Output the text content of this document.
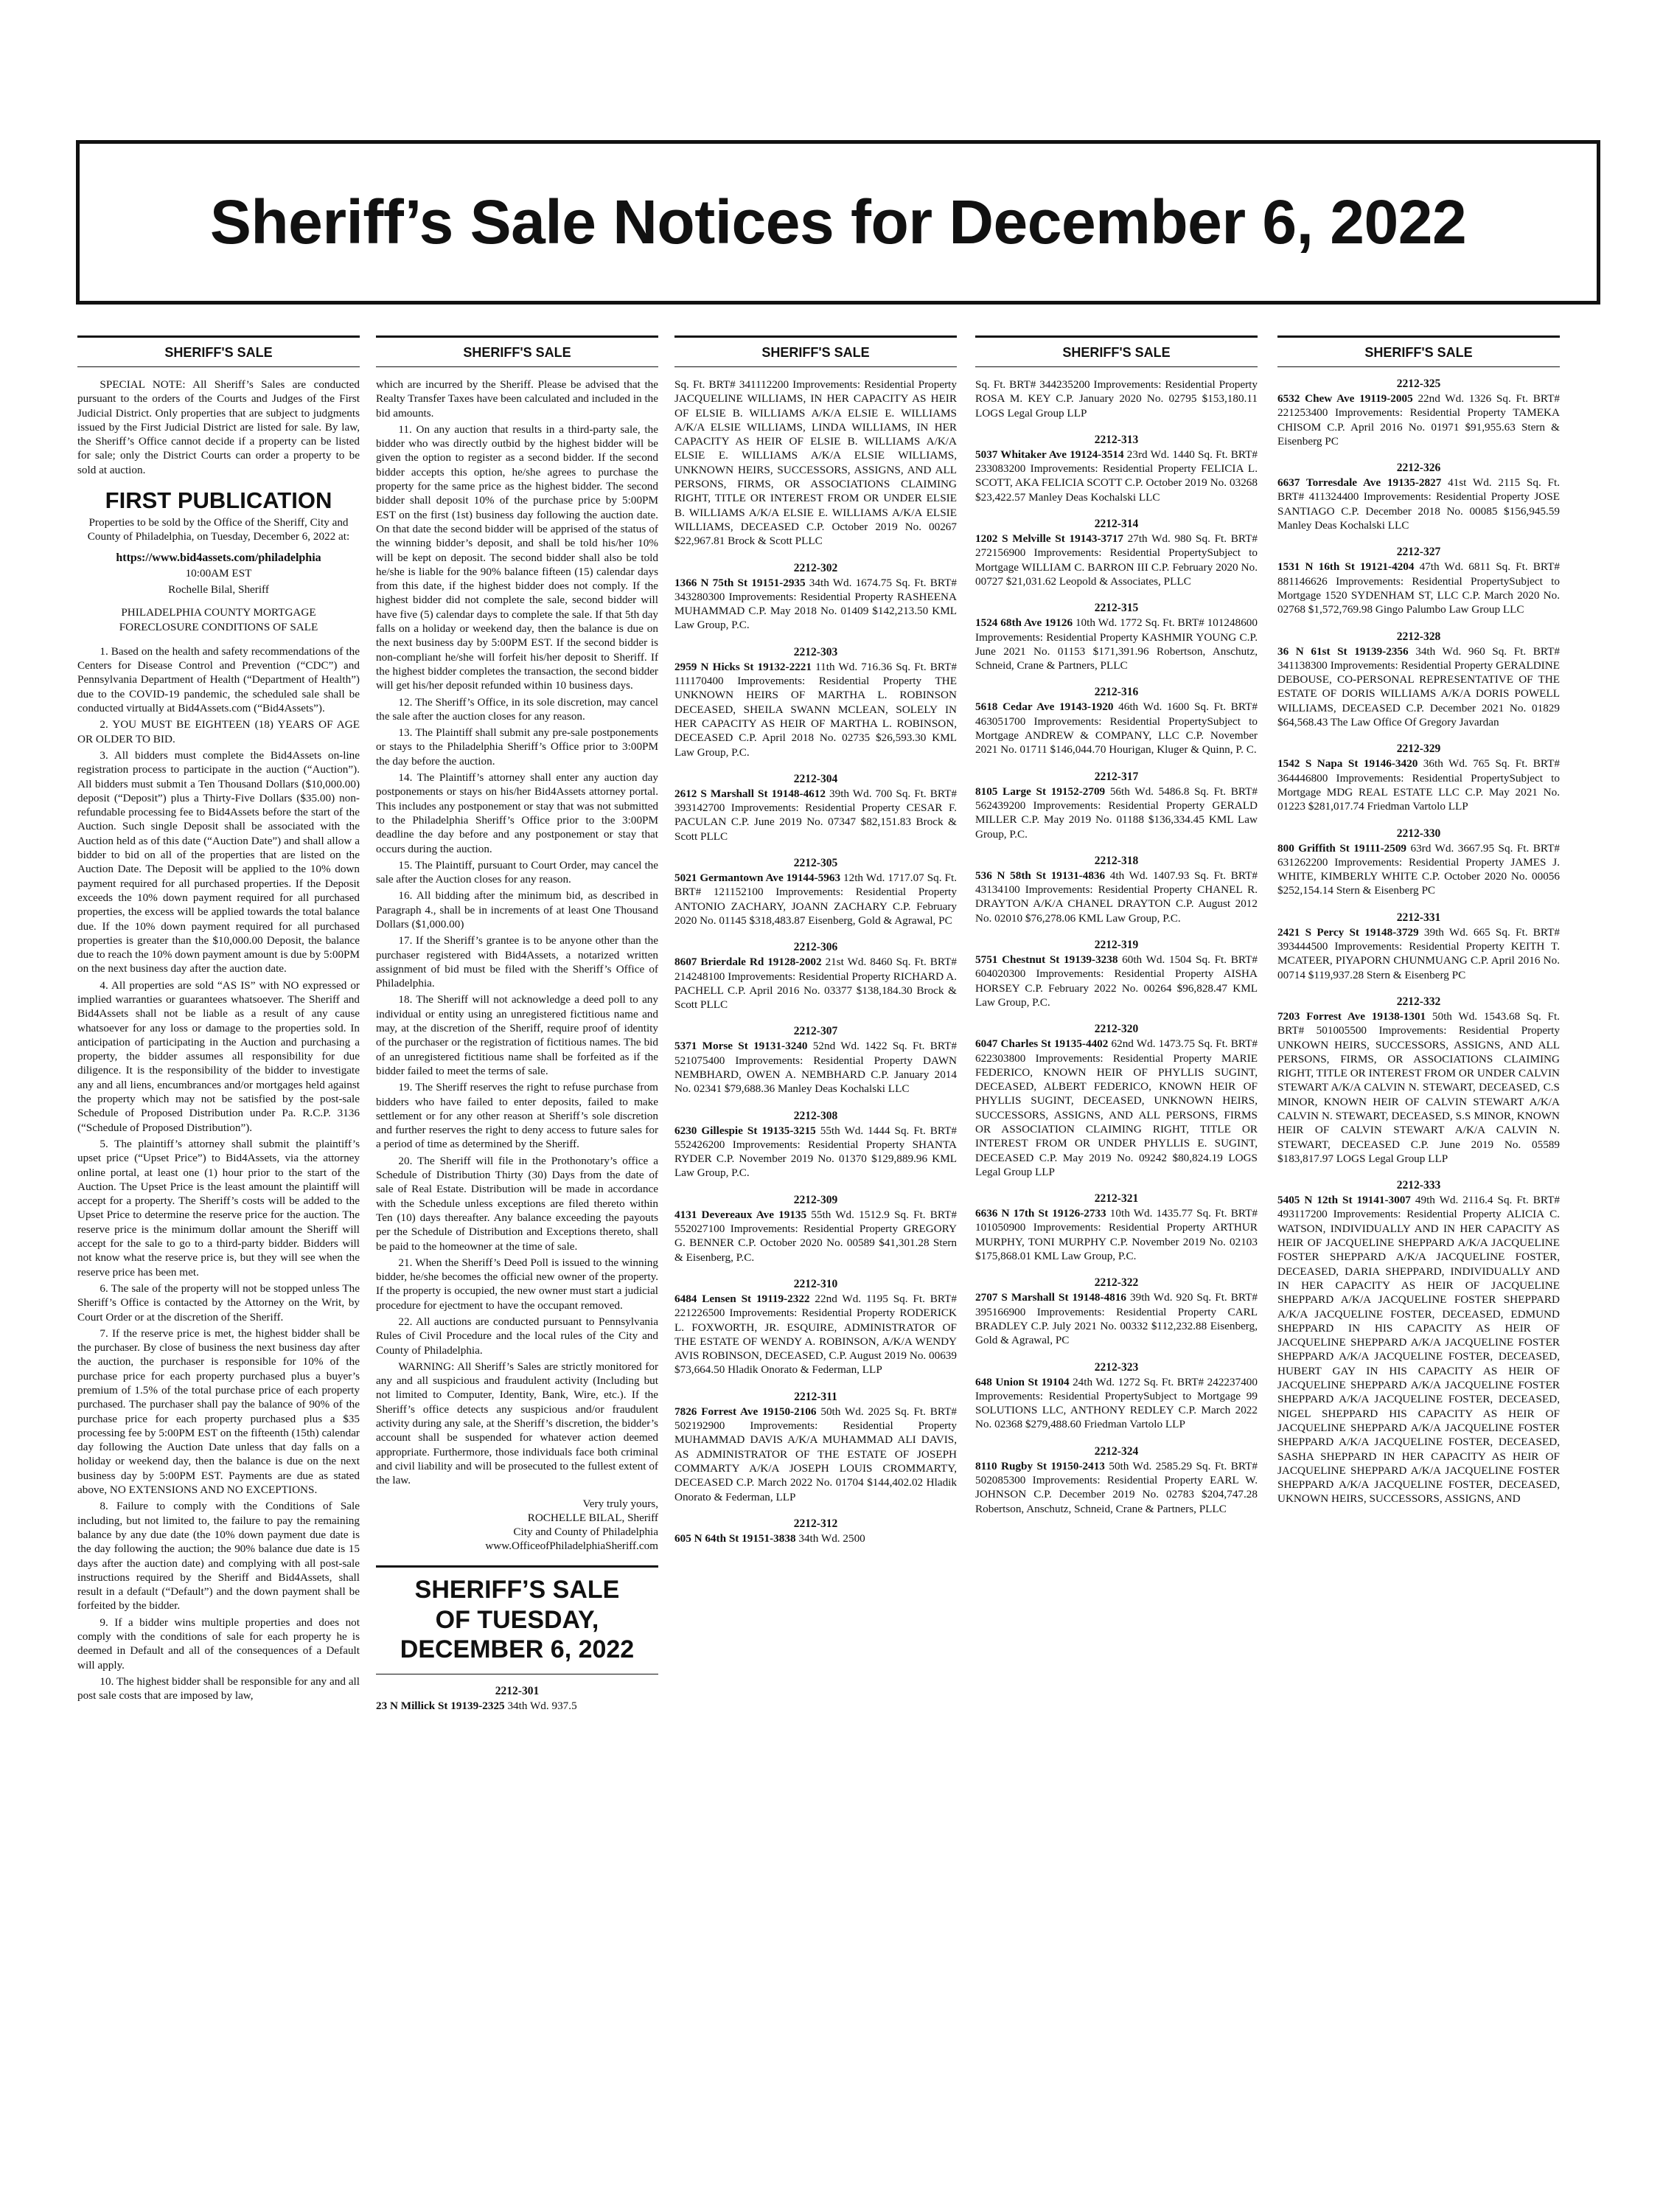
Sheriff’s Sale Notices for December 6, 2022
SHERIFF'S SALE

SPECIAL NOTE: All Sheriff’s Sales are conducted pursuant to the orders of the Courts and Judges of the First Judicial District. Only properties that are subject to judgments issued by the First Judicial District are listed for sale. By law, the Sheriff’s Office cannot decide if a property can be listed for sale; only the District Courts can order a property to be sold at auction.

FIRST PUBLICATION

Properties to be sold by the Office of the Sheriff, City and County of Philadelphia, on Tuesday, December 6, 2022 at:

https://www.bid4assets.com/philadelphia

10:00AM EST

Rochelle Bilal, Sheriff

PHILADELPHIA COUNTY MORTGAGE

FORECLOSURE CONDITIONS OF SALE

1. Based on the health and safety recommendations of the Centers for Disease Control and Prevention (“CDC”) and Pennsylvania Department of Health (“Department of Health”) due to the COVID-19 pandemic, the scheduled sale shall be conducted virtually at Bid4Assets.com (“Bid4Assets”).

2. YOU MUST BE EIGHTEEN (18) YEARS OF AGE OR OLDER TO BID.

3. All bidders must complete the Bid4Assets on-line registration process to participate in the auction (“Auction”). All bidders must submit a Ten Thousand Dollars ($10,000.00) deposit (“Deposit”) plus a Thirty-Five Dollars ($35.00) non-refundable processing fee to Bid4Assets before the start of the Auction. Such single Deposit shall be associated with the Auction held as of this date (“Auction Date”) and shall allow a bidder to bid on all of the properties that are listed on the Auction Date. The Deposit will be applied to the 10% down payment required for all purchased properties. If the Deposit exceeds the 10% down payment required for all purchased properties, the excess will be applied towards the total balance due. If the 10% down payment required for all purchased properties is greater than the $10,000.00 Deposit, the balance due to reach the 10% down payment amount is due by 5:00PM on the next business day after the auction date.

4. All properties are sold “AS IS” with NO expressed or implied warranties or guarantees whatsoever. The Sheriff and Bid4Assets shall not be liable as a result of any cause whatsoever for any loss or damage to the properties sold. In anticipation of participating in the Auction and purchasing a property, the bidder assumes all responsibility for due diligence. It is the responsibility of the bidder to investigate any and all liens, encumbrances and/or mortgages held against the property which may not be satisfied by the post-sale Schedule of Proposed Distribution under Pa. R.C.P. 3136 (“Schedule of Proposed Distribution”).

5. The plaintiff’s attorney shall submit the plaintiff’s upset price (“Upset Price”) to Bid4Assets, via the attorney online portal, at least one (1) hour prior to the start of the Auction. The Upset Price is the least amount the plaintiff will accept for a property. The Sheriff’s costs will be added to the Upset Price to determine the reserve price for the auction. The reserve price is the minimum dollar amount the Sheriff will accept for the sale to go to a third-party bidder. Bidders will not know what the reserve price is, but they will see when the reserve price has been met.

6. The sale of the property will not be stopped unless The Sheriff’s Office is contacted by the Attorney on the Writ, by Court Order or at the discretion of the Sheriff.

7. If the reserve price is met, the highest bidder shall be the purchaser. By close of business the next business day after the auction, the purchaser is responsible for 10% of the purchase price for each property purchased plus a buyer’s premium of 1.5% of the total purchase price of each property purchased. The purchaser shall pay the balance of 90% of the purchase price for each property purchased plus a $35 processing fee by 5:00PM EST on the fifteenth (15th) calendar day following the Auction Date unless that day falls on a holiday or weekend day, then the balance is due on the next business day by 5:00PM EST. Payments are due as stated above, NO EXTENSIONS AND NO EXCEPTIONS.

8. Failure to comply with the Conditions of Sale including, but not limited to, the failure to pay the remaining balance by any due date (the 10% down payment due date is the day following the auction; the 90% balance due date is 15 days after the auction date) and complying with all post-sale instructions required by the Sheriff and Bid4Assets, shall result in a default (“Default”) and the down payment shall be forfeited by the bidder.

9. If a bidder wins multiple properties and does not comply with the conditions of sale for each property he is deemed in Default and all of the consequences of a Default will apply.

10. The highest bidder shall be responsible for any and all post sale costs that are imposed by law,

SHERIFF'S SALE

which are incurred by the Sheriff. Please be advised that the Realty Transfer Taxes have been calculated and included in the bid amounts.

11. On any auction that results in a third-party sale, the bidder who was directly outbid by the highest bidder will be given the option to register as a second bidder. If the second bidder accepts this option, he/she agrees to purchase the property for the same price as the highest bidder. The second bidder shall deposit 10% of the purchase price by 5:00PM EST on the first (1st) business day following the auction date. On that date the second bidder will be apprised of the status of the winning bidder’s deposit, and shall be told his/her 10% will be kept on deposit. The second bidder shall also be told he/she is liable for the 90% balance fifteen (15) calendar days from this date, if the highest bidder does not comply. If the highest bidder did not complete the sale, second bidder will have five (5) calendar days to complete the sale. If that 5th day falls on a holiday or weekend day, then the balance is due on the next business day by 5:00PM EST. If the second bidder is non-compliant he/she will forfeit his/her deposit to Sheriff. If the highest bidder completes the transaction, the second bidder will get his/her deposit refunded within 10 business days.

12. The Sheriff’s Office, in its sole discretion, may cancel the sale after the auction closes for any reason.

13. The Plaintiff shall submit any pre-sale postponements or stays to the Philadelphia Sheriff’s Office prior to 3:00PM the day before the auction.

14. The Plaintiff’s attorney shall enter any auction day postponements or stays on his/her Bid4Assets attorney portal. This includes any postponement or stay that was not submitted to the Philadelphia Sheriff’s Office prior to the 3:00PM deadline the day before and any postponement or stay that occurs during the auction.

15. The Plaintiff, pursuant to Court Order, may cancel the sale after the Auction closes for any reason.

16. All bidding after the minimum bid, as described in Paragraph 4., shall be in increments of at least One Thousand Dollars ($1,000.00)

17. If the Sheriff’s grantee is to be anyone other than the purchaser registered with Bid4Assets, a notarized written assignment of bid must be filed with the Sheriff’s Office of Philadelphia.

18. The Sheriff will not acknowledge a deed poll to any individual or entity using an unregistered fictitious name and may, at the discretion of the Sheriff, require proof of identity of the purchaser or the registration of fictitious names. The bid of an unregistered fictitious name shall be forfeited as if the bidder failed to meet the terms of sale.

19. The Sheriff reserves the right to refuse purchase from bidders who have failed to enter deposits, failed to make settlement or for any other reason at Sheriff’s sole discretion and further reserves the right to deny access to future sales for a period of time as determined by the Sheriff.

20. The Sheriff will file in the Prothonotary’s office a Schedule of Distribution Thirty (30) Days from the date of sale of Real Estate. Distribution will be made in accordance with the Schedule unless exceptions are filed thereto within Ten (10) days thereafter. Any balance exceeding the payouts per the Schedule of Distribution and Exceptions thereto, shall be paid to the homeowner at the time of sale.

21. When the Sheriff’s Deed Poll is issued to the winning bidder, he/she becomes the official new owner of the property. If the property is occupied, the new owner must start a judicial procedure for ejectment to have the occupant removed.

22. All auctions are conducted pursuant to Pennsylvania Rules of Civil Procedure and the local rules of the City and County of Philadelphia.

WARNING: All Sheriff’s Sales are strictly monitored for any and all suspicious and fraudulent activity (Including but not limited to Computer, Identity, Bank, Wire, etc.). If the Sheriff’s office detects any suspicious and/or fraudulent activity during any sale, at the Sheriff’s discretion, the bidder’s account shall be suspended for whatever action deemed appropriate. Furthermore, those individuals face both criminal and civil liability and will be prosecuted to the fullest extent of the law.

Very truly yours,

ROCHELLE BILAL, Sheriff

City and County of Philadelphia

www.OfficeofPhiladelphiaSheriff.com

SHERIFF’S SALE
OF TUESDAY,
DECEMBER 6, 2022
2212-301

23 N Millick St 19139-2325 34th Wd. 937.5

SHERIFF'S SALE

Sq. Ft. BRT# 341112200 Improvements: Residential Property JACQUELINE WILLIAMS, IN HER CAPACITY AS HEIR OF ELSIE B. WILLIAMS A/K/A ELSIE E. WILLIAMS A/K/A ELSIE WILLIAMS, LINDA WILLIAMS, IN HER CAPACITY AS HEIR OF ELSIE B. WILLIAMS A/K/A ELSIE E. WILLIAMS A/K/A ELSIE WILLIAMS, UNKNOWN HEIRS, SUCCESSORS, ASSIGNS, AND ALL PERSONS, FIRMS, OR ASSOCIATIONS CLAIMING RIGHT, TITLE OR INTEREST FROM OR UNDER ELSIE B. WILLIAMS A/K/A ELSIE E. WILLIAMS A/K/A ELSIE WILLIAMS, DECEASED C.P. October 2019 No. 00267 $22,967.81 Brock & Scott PLLC

2212-302

1366 N 75th St 19151-2935 34th Wd. 1674.75 Sq. Ft. BRT# 343280300 Improvements: Residential Property RASHEENA MUHAMMAD C.P. May 2018 No. 01409 $142,213.50 KML Law Group, P.C.

2212-303

2959 N Hicks St 19132-2221 11th Wd. 716.36 Sq. Ft. BRT# 111170400 Improvements: Residential Property THE UNKNOWN HEIRS OF MARTHA L. ROBINSON DECEASED, SHEILA SWANN MCLEAN, SOLELY IN HER CAPACITY AS HEIR OF MARTHA L. ROBINSON, DECEASED C.P. April 2018 No. 02735 $26,593.30 KML Law Group, P.C.

2212-304

2612 S Marshall St 19148-4612 39th Wd. 700 Sq. Ft. BRT# 393142700 Improvements: Residential Property CESAR F. PACULAN C.P. June 2019 No. 07347 $82,151.83 Brock & Scott PLLC

2212-305

5021 Germantown Ave 19144-5963 12th Wd. 1717.07 Sq. Ft. BRT# 121152100 Improvements: Residential Property ANTONIO ZACHARY, JOANN ZACHARY C.P. February 2020 No. 01145 $318,483.87 Eisenberg, Gold & Agrawal, PC

2212-306

8607 Brierdale Rd 19128-2002 21st Wd. 8460 Sq. Ft. BRT# 214248100 Improvements: Residential Property RICHARD A. PACHELL C.P. April 2016 No. 03377 $138,184.30 Brock & Scott PLLC

2212-307

5371 Morse St 19131-3240 52nd Wd. 1422 Sq. Ft. BRT# 521075400 Improvements: Residential Property DAWN NEMBHARD, OWEN A. NEMBHARD C.P. January 2014 No. 02341 $79,688.36 Manley Deas Kochalski LLC

2212-308

6230 Gillespie St 19135-3215 55th Wd. 1444 Sq. Ft. BRT# 552426200 Improvements: Residential Property SHANTA RYDER C.P. November 2019 No. 01370 $129,889.96 KML Law Group, P.C.

2212-309

4131 Devereaux Ave 19135 55th Wd. 1512.9 Sq. Ft. BRT# 552027100 Improvements: Residential Property GREGORY G. BENNER C.P. October 2020 No. 00589 $41,301.28 Stern & Eisenberg, P.C.

2212-310

6484 Lensen St 19119-2322 22nd Wd. 1195 Sq. Ft. BRT# 221226500 Improvements: Residential Property RODERICK L. FOXWORTH, JR. ESQUIRE, ADMINISTRATOR OF THE ESTATE OF WENDY A. ROBINSON, A/K/A WENDY AVIS ROBINSON, DECEASED, C.P. August 2019 No. 00639 $73,664.50 Hladik Onorato & Federman, LLP

2212-311

7826 Forrest Ave 19150-2106 50th Wd. 2025 Sq. Ft. BRT# 502192900 Improvements: Residential Property MUHAMMAD DAVIS A/K/A MUHAMMAD ALI DAVIS, AS ADMINISTRATOR OF THE ESTATE OF JOSEPH COMMARTY A/K/A JOSEPH LOUIS CROMMARTY, DECEASED C.P. March 2022 No. 01704 $144,402.02 Hladik Onorato & Federman, LLP

2212-312

605 N 64th St 19151-3838 34th Wd. 2500

SHERIFF'S SALE

Sq. Ft. BRT# 344235200 Improvements: Residential Property ROSA M. KEY C.P. January 2020 No. 02795 $153,180.11 LOGS Legal Group LLP

2212-313

5037 Whitaker Ave 19124-3514 23rd Wd. 1440 Sq. Ft. BRT# 233083200 Improvements: Residential Property FELICIA L. SCOTT, AKA FELICIA SCOTT C.P. October 2019 No. 03268 $23,422.57 Manley Deas Kochalski LLC

2212-314

1202 S Melville St 19143-3717 27th Wd. 980 Sq. Ft. BRT# 272156900 Improvements: Residential PropertySubject to Mortgage WILLIAM C. BARRON III C.P. February 2020 No. 00727 $21,031.62 Leopold & Associates, PLLC

2212-315

1524 68th Ave 19126 10th Wd. 1772 Sq. Ft. BRT# 101248600 Improvements: Residential Property KASHMIR YOUNG C.P. June 2021 No. 01153 $171,391.96 Robertson, Anschutz, Schneid, Crane & Partners, PLLC

2212-316

5618 Cedar Ave 19143-1920 46th Wd. 1600 Sq. Ft. BRT# 463051700 Improvements: Residential PropertySubject to Mortgage ANDREW & COMPANY, LLC C.P. November 2021 No. 01711 $146,044.70 Hourigan, Kluger & Quinn, P. C.

2212-317

8105 Large St 19152-2709 56th Wd. 5486.8 Sq. Ft. BRT# 562439200 Improvements: Residential Property GERALD MILLER C.P. May 2019 No. 01188 $136,334.45 KML Law Group, P.C.

2212-318

536 N 58th St 19131-4836 4th Wd. 1407.93 Sq. Ft. BRT# 43134100 Improvements: Residential Property CHANEL R. DRAYTON A/K/A CHANEL DRAYTON C.P. August 2012 No. 02010 $76,278.06 KML Law Group, P.C.

2212-319

5751 Chestnut St 19139-3238 60th Wd. 1504 Sq. Ft. BRT# 604020300 Improvements: Residential Property AISHA HORSEY C.P. February 2022 No. 00264 $96,828.47 KML Law Group, P.C.

2212-320

6047 Charles St 19135-4402 62nd Wd. 1473.75 Sq. Ft. BRT# 622303800 Improvements: Residential Property MARIE FEDERICO, KNOWN HEIR OF PHYLLIS SUGINT, DECEASED, ALBERT FEDERICO, KNOWN HEIR OF PHYLLIS SUGINT, DECEASED, UNKNOWN HEIRS, SUCCESSORS, ASSIGNS, AND ALL PERSONS, FIRMS OR ASSOCIATION CLAIMING RIGHT, TITLE OR INTEREST FROM OR UNDER PHYLLIS E. SUGINT, DECEASED C.P. May 2019 No. 09242 $80,824.19 LOGS Legal Group LLP

2212-321

6636 N 17th St 19126-2733 10th Wd. 1435.77 Sq. Ft. BRT# 101050900 Improvements: Residential Property ARTHUR MURPHY, TONI MURPHY C.P. November 2019 No. 02103 $175,868.01 KML Law Group, P.C.

2212-322

2707 S Marshall St 19148-4816 39th Wd. 920 Sq. Ft. BRT# 395166900 Improvements: Residential Property CARL BRADLEY C.P. July 2021 No. 00332 $112,232.88 Eisenberg, Gold & Agrawal, PC

2212-323

648 Union St 19104 24th Wd. 1272 Sq. Ft. BRT# 242237400 Improvements: Residential PropertySubject to Mortgage 99 SOLUTIONS LLC, ANTHONY REDLEY C.P. March 2022 No. 02368 $279,488.60 Friedman Vartolo LLP

2212-324

8110 Rugby St 19150-2413 50th Wd. 2585.29 Sq. Ft. BRT# 502085300 Improvements: Residential Property EARL W. JOHNSON C.P. December 2019 No. 02783 $204,747.28 Robertson, Anschutz, Schneid, Crane & Partners, PLLC

SHERIFF'S SALE
2212-325

6532 Chew Ave 19119-2005 22nd Wd. 1326 Sq. Ft. BRT# 221253400 Improvements: Residential Property TAMEKA CHISOM C.P. April 2016 No. 01971 $91,955.63 Stern & Eisenberg PC

2212-326

6637 Torresdale Ave 19135-2827 41st Wd. 2115 Sq. Ft. BRT# 411324400 Improvements: Residential Property JOSE SANTIAGO C.P. December 2018 No. 00085 $156,945.59 Manley Deas Kochalski LLC

2212-327

1531 N 16th St 19121-4204 47th Wd. 6811 Sq. Ft. BRT# 881146626 Improvements: Residential PropertySubject to Mortgage 1520 SYDENHAM ST, LLC C.P. March 2020 No. 02768 $1,572,769.98 Gingo Palumbo Law Group LLC

2212-328

36 N 61st St 19139-2356 34th Wd. 960 Sq. Ft. BRT# 341138300 Improvements: Residential Property GERALDINE DEBOUSE, CO-PERSONAL REPRESENTATIVE OF THE ESTATE OF DORIS WILLIAMS A/K/A DORIS POWELL WILLIAMS, DECEASED C.P. December 2021 No. 01829 $64,568.43 The Law Office Of Gregory Javardan

2212-329

1542 S Napa St 19146-3420 36th Wd. 765 Sq. Ft. BRT# 364446800 Improvements: Residential PropertySubject to Mortgage MDG REAL ESTATE LLC C.P. May 2021 No. 01223 $281,017.74 Friedman Vartolo LLP

2212-330

800 Griffith St 19111-2509 63rd Wd. 3667.95 Sq. Ft. BRT# 631262200 Improvements: Residential Property JAMES J. WHITE, KIMBERLY WHITE C.P. October 2020 No. 00056 $252,154.14 Stern & Eisenberg PC

2212-331

2421 S Percy St 19148-3729 39th Wd. 665 Sq. Ft. BRT# 393444500 Improvements: Residential Property KEITH T. MCATEER, PIYAPORN CHUNMUANG C.P. April 2016 No. 00714 $119,937.28 Stern & Eisenberg PC

2212-332

7203 Forrest Ave 19138-1301 50th Wd. 1543.68 Sq. Ft. BRT# 501005500 Improvements: Residential Property UNKOWN HEIRS, SUCCESSORS, ASSIGNS, AND ALL PERSONS, FIRMS, OR ASSOCIATIONS CLAIMING RIGHT, TITLE OR INTEREST FROM OR UNDER CALVIN STEWART A/K/A CALVIN N. STEWART, DECEASED, C.S MINOR, KNOWN HEIR OF CALVIN STEWART A/K/A CALVIN N. STEWART, DECEASED, S.S MINOR, KNOWN HEIR OF CALVIN STEWART A/K/A CALVIN N. STEWART, DECEASED C.P. June 2019 No. 05589 $183,817.97 LOGS Legal Group LLP

2212-333

5405 N 12th St 19141-3007 49th Wd. 2116.4 Sq. Ft. BRT# 493117200 Improvements: Residential Property ALICIA C. WATSON, INDIVIDUALLY AND IN HER CAPACITY AS HEIR OF JACQUELINE SHEPPARD A/K/A JACQUELINE FOSTER SHEPPARD A/K/A JACQUELINE FOSTER, DECEASED, DARIA SHEPPARD, INDIVIDUALLY AND IN HER CAPACITY AS HEIR OF JACQUELINE SHEPPARD A/K/A JACQUELINE FOSTER SHEPPARD A/K/A JACQUELINE FOSTER, DECEASED, EDMUND SHEPPARD IN HIS CAPACITY AS HEIR OF JACQUELINE SHEPPARD A/K/A JACQUELINE FOSTER SHEPPARD A/K/A JACQUELINE FOSTER, DECEASED, HUBERT GAY IN HIS CAPACITY AS HEIR OF JACQUELINE SHEPPARD A/K/A JACQUELINE FOSTER SHEPPARD A/K/A JACQUELINE FOSTER, DECEASED, NIGEL SHEPPARD HIS CAPACITY AS HEIR OF JACQUELINE SHEPPARD A/K/A JACQUELINE FOSTER SHEPPARD A/K/A JACQUELINE FOSTER, DECEASED, SASHA SHEPPARD IN HER CAPACITY AS HEIR OF JACQUELINE SHEPPARD A/K/A JACQUELINE FOSTER SHEPPARD A/K/A JACQUELINE FOSTER, DECEASED, UKNOWN HEIRS, SUCCESSORS, ASSIGNS, AND
